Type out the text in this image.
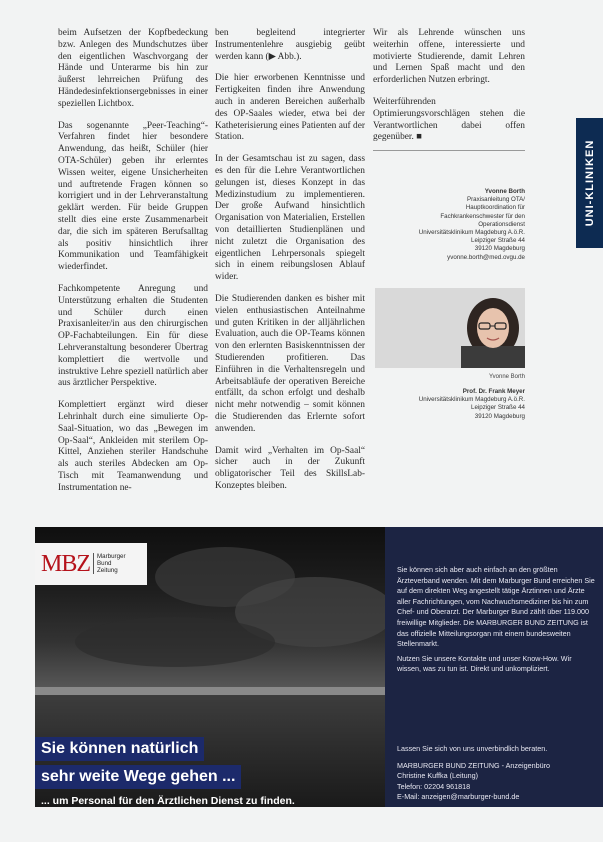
beim Aufsetzen der Kopfbedeckung bzw. Anlegen des Mundschutzes über den eigentlichen Waschvorgang der Hände und Unterarme bis hin zur äußerst lehrreichen Prüfung des Händedesinfektionsergebnisses in einer speziellen Lichtbox.

Das sogenannte „Peer-Teaching“-Verfahren findet hier besondere Anwendung, das heißt, Schüler (hier OTA-Schüler) geben ihr erlerntes Wissen weiter, eigene Unsicherheiten und auftretende Fragen können so korrigiert und in der Lehrveranstaltung geklärt werden. Für beide Gruppen stellt dies eine erste Zusammenarbeit dar, die sich im späteren Berufsalltag als positiv hinsichtlich ihrer Kommunikation und Teamfähigkeit wiederfindet.

Fachkompetente Anregung und Unterstützung erhalten die Studenten und Schüler durch einen Praxisanleiter/in aus den chirurgischen OP-Fachabteilungen. Ein für diese Lehrveranstaltung besonderer Übertrag komplettiert die wertvolle und instruktive Lehre speziell natürlich aber aus ärztlicher Perspektive.

Komplettiert ergänzt wird dieser Lehrinhalt durch eine simulierte Op-Saal-Situation, wo das „Bewegen im Op-Saal“, Ankleiden mit sterilem Op-Kittel, Anziehen steriler Handschuhe als auch steriles Abdecken am Op-Tisch mit Teamanwendung und Instrumentation ne-

ben begleitend integrierter Instrumentenlehre ausgiebig geübt werden kann (▶ Abb.).

Die hier erworbenen Kenntnisse und Fertigkeiten finden ihre Anwendung auch in anderen Bereichen außerhalb des OP-Saales wieder, etwa bei der Katheterisierung eines Patienten auf der Station.

In der Gesamtschau ist zu sagen, dass es den für die Lehre Verantwortlichen gelungen ist, dieses Konzept in das Medizinstudium zu implementieren. Der große Aufwand hinsichtlich Organisation von Materialien, Erstellen von detaillierten Studienplänen und nicht zuletzt die Organisation des eigentlichen Lehrpersonals spiegelt sich in einem reibungslosen Ablauf wider.

Die Studierenden danken es bisher mit vielen enthusiastischen Anteilnahme und guten Kritiken in der alljährlichen Evaluation, auch die OP-Teams können von den erlernten Basiskenntnissen der Studierenden profitieren. Das Einführen in die Verhaltensregeln und Arbeitsabläufe der operativen Bereiche entfällt, da schon erfolgt und deshalb nicht mehr notwendig – somit können die Studierenden das Erlernte sofort anwenden.

Damit wird „Verhalten im Op-Saal“ sicher auch in der Zukunft obligatorischer Teil des SkillsLab-Konzeptes bleiben.

Wir als Lehrende wünschen uns weiterhin offene, interessierte und motivierte Studierende, damit Lehren und Lernen Spaß macht und den erforderlichen Nutzen erbringt.

Weiterführenden Optimierungsvorschlägen stehen die Verantwortlichen dabei offen gegenüber. ■

UNI-KLINIKEN
Yvonne Borth
Praxisanleitung OTA/
Hauptkoordination für
Fachkrankenschwester für den
Operationsdienst
Universitätsklinikum Magdeburg A.ö.R.
Leipziger Straße 44
39120 Magdeburg
yvonne.borth@med.ovgu.de
Yvonne Borth
Prof. Dr. Frank Meyer
Universitätsklinikum Magdeburg A.ö.R.
Leipziger Straße 44
39120 Magdeburg
MBZ	Marburger
Bund
Zeitung
Sie können natürlich
sehr weite Wege gehen ...
... um Personal für den Ärztlichen Dienst zu finden.

Sie können sich aber auch einfach an den größten Ärzteverband wenden. Mit dem Marburger Bund erreichen Sie auf dem direkten Weg angestellt tätige Ärztinnen und Ärzte aller Fachrichtungen, vom Nachwuchsmediziner bis hin zum Chef- und Oberarzt. Der Marburger Bund zählt über 119.000 freiwillige Mitglieder. Die MARBURGER BUND ZEITUNG ist das offizielle Mitteilungsorgan mit einem bundesweiten Stellenmarkt.

Nutzen Sie unsere Kontakte und unser Know-How. Wir wissen, was zu tun ist. Direkt und unkompliziert.

Lassen Sie sich von uns unverbindlich beraten.
MARBURGER BUND ZEITUNG - Anzeigenbüro
Christine Kuffka (Leitung)
Telefon: 02204 961818
E-Mail: anzeigen@marburger-bund.de
